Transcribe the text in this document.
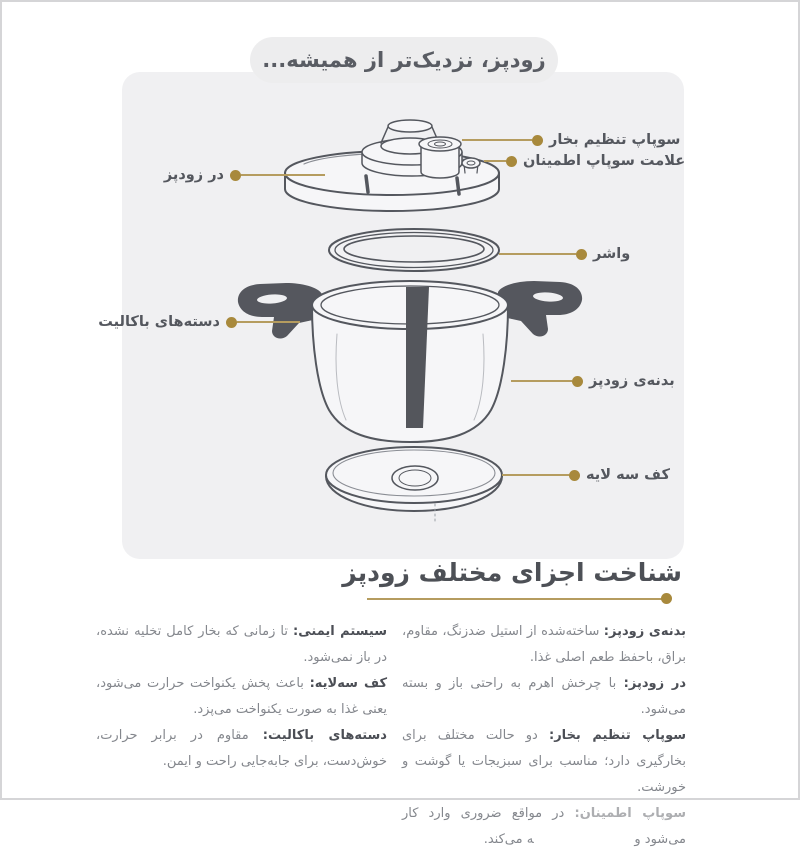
زودپز، نزدیک‌تر از همیشه...
سوپاپ تنظیم بخار
علامت سوپاپ اطمینان
در زودپز
واشر
دسته‌های باکالیت
بدنه‌ی زودپز
کف سه لایه
شناخت اجزای مختلف زودپز

بدنه‌ی زودپز: ساخته‌شده از استیل ضدزنگ، مقاوم، براق، باحفظ طعم اصلی غذا.

در زودپز: با چرخش اهرم به راحتی باز و بسته می‌شود.

سوپاپ تنظیم بخار: دو حالت مختلف برای بخارگیری دارد؛ مناسب برای سبزیجات یا گوشت و خورشت.

سوپاپ اطمینان: در مواقع ضروری وارد کار می‌شود و ه می‌کند.

سیستم ایمنی: تا زمانی که بخار کامل تخلیه نشده، در باز نمی‌شود.

کف سه‌لایه: باعث پخش یکنواخت حرارت می‌شود، یعنی غذا به صورت یکنواخت می‌پزد.

دسته‌های باکالیت: مقاوم در برابر حرارت، خوش‌دست، برای جابه‌جایی راحت و ایمن.
